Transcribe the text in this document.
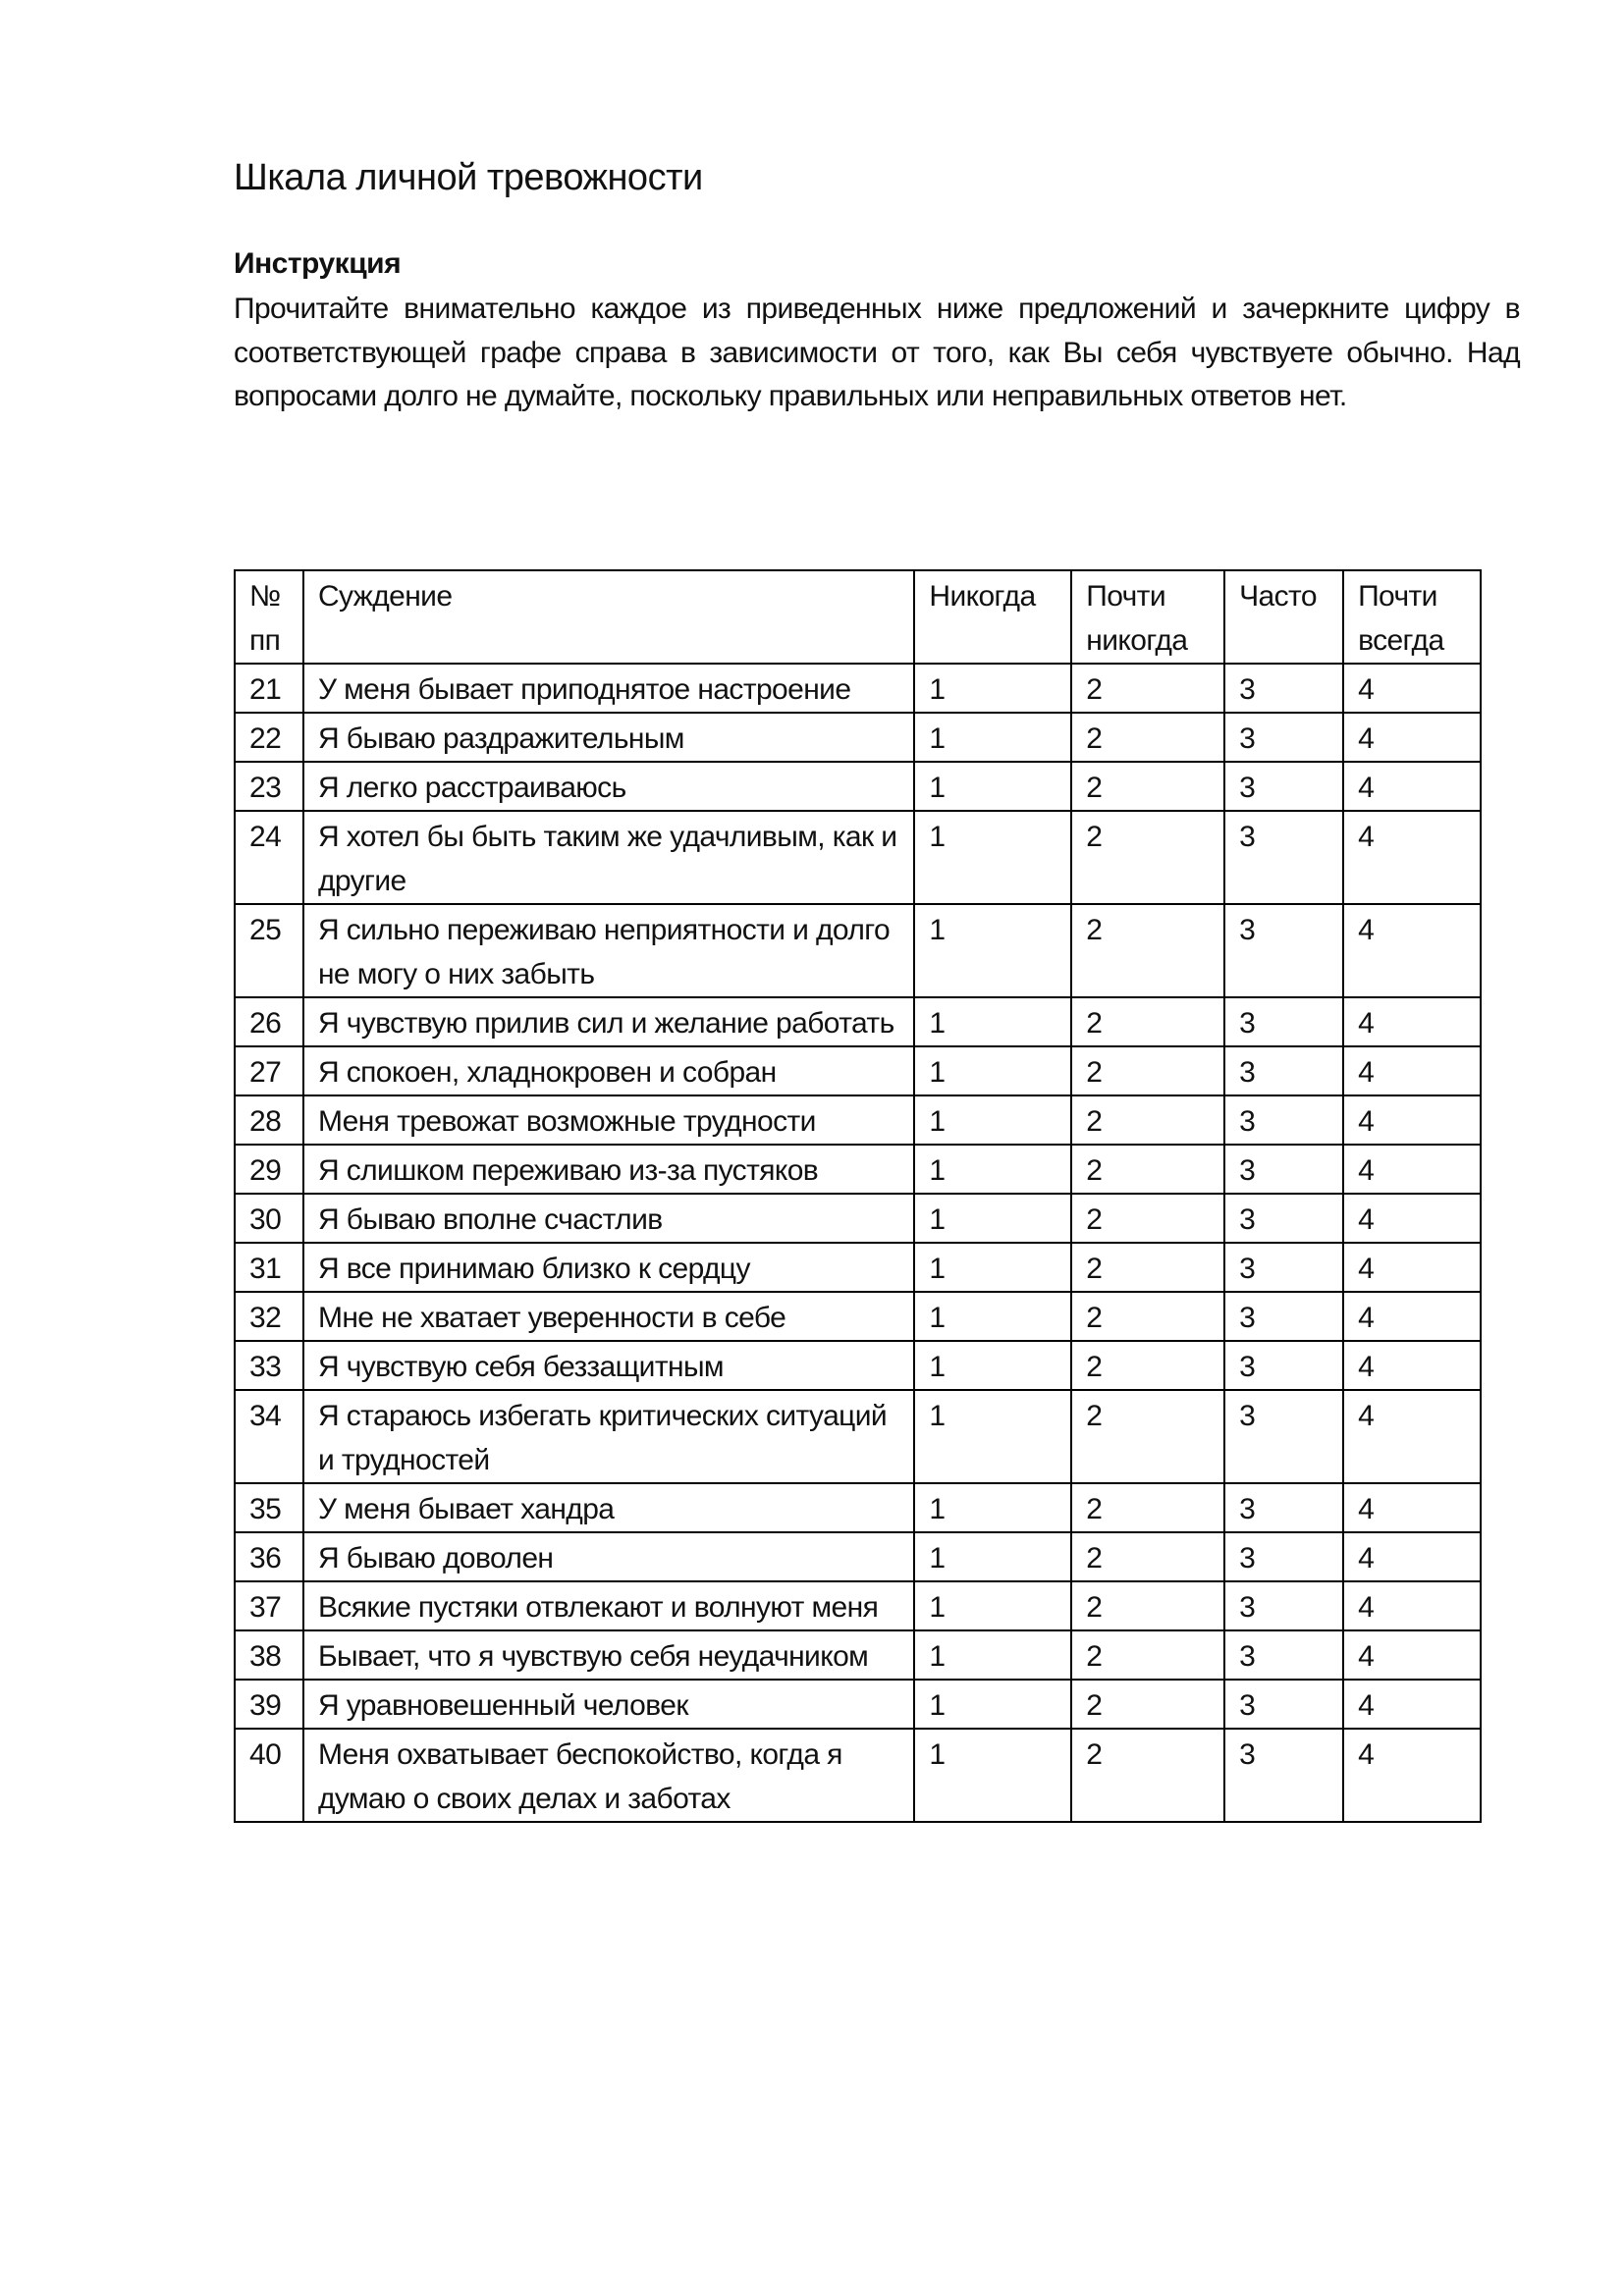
Шкала личной тревожности
Инструкция
Прочитайте внимательно каждое из приведенных ниже предложений и зачеркните цифру в соответствующей графе справа в зависимости от того, как Вы себя чувствуете обычно. Над вопросами долго не думайте, поскольку правильных или неправильных ответов нет.
№ пп	Суждение	Никогда	Почти никогда	Часто	Почти всегда
21	У меня бывает приподнятое настроение	1	2	3	4
22	Я бываю раздражительным	1	2	3	4
23	Я легко расстраиваюсь	1	2	3	4
24	Я хотел бы быть таким же удачливым, как и другие	1	2	3	4
25	Я сильно переживаю неприятности и долго не могу о них забыть	1	2	3	4
26	Я чувствую прилив сил и желание работать	1	2	3	4
27	Я спокоен, хладнокровен и собран	1	2	3	4
28	Меня тревожат возможные трудности	1	2	3	4
29	Я слишком переживаю из-за пустяков	1	2	3	4
30	Я бываю вполне счастлив	1	2	3	4
31	Я все принимаю близко к сердцу	1	2	3	4
32	Мне не хватает уверенности в себе	1	2	3	4
33	Я чувствую себя беззащитным	1	2	3	4
34	Я стараюсь избегать критических ситуаций и трудностей	1	2	3	4
35	У меня бывает хандра	1	2	3	4
36	Я бываю доволен	1	2	3	4
37	Всякие пустяки отвлекают и волнуют меня	1	2	3	4
38	Бывает, что я чувствую себя неудачником	1	2	3	4
39	Я уравновешенный человек	1	2	3	4
40	Меня охватывает беспокойство, когда я думаю о своих делах и заботах	1	2	3	4
